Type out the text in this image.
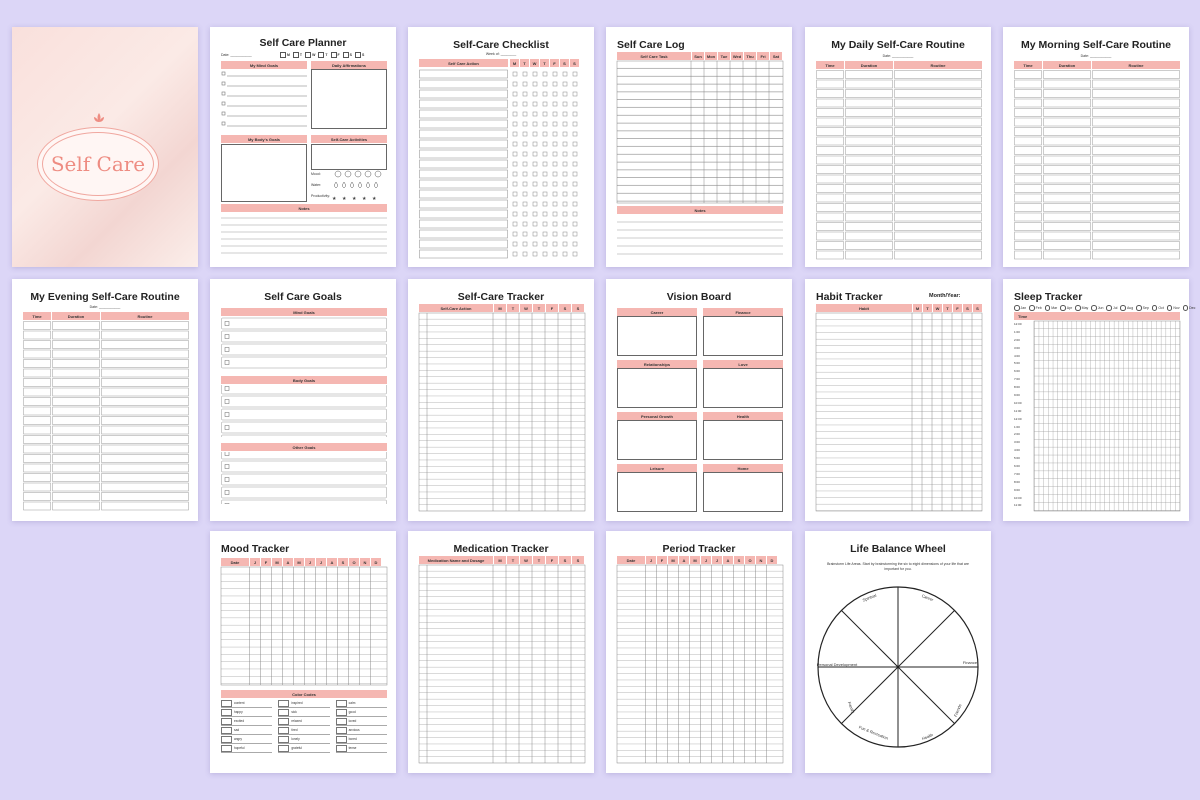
Self Care
Self Care Planner
Date: ___________	M	T	W	T	F	S	S
My Mind Goals	Daily Affirmations
My Body's Goals	Self-Care Activities
Mood:
Water:
Productivity: ★ ★ ★ ★ ★
Notes
Self-Care Checklist
Week of: ________
Self Care Action	M	T	W	T	F	S	S
Self Care Log
Self Care Task	Sun	Mon	Tue	Wed	Thu	Fri	Sat
Notes
My Daily Self-Care Routine
Date: ___________
Time	Duration	Routine
My Morning Self-Care Routine
Date: ___________
Time	Duration	Routine
My Evening Self-Care Routine
Date: ___________
Time	Duration	Routine
Self Care Goals
Mind Goals
Body Goals
Other Goals
Self-Care Tracker
Self-Care Action	M	T	W	T	F	S	S
Vision Board
Career	Finance
Relationships	Love
Personal Growth	Health
Leisure	Home
Habit Tracker	Month/Year:
Habit	M	T	W	T	F	S	S
Sleep Tracker
Jan	Feb	Mar	Apr	May	Jun	Jul	Aug	Sep	Oct	Nov	Dec
Time
12:00
1:00
2:00
3:00
4:00
5:00
6:00
7:00
8:00
9:00
10:00
11:00
12:00
1:00
2:00
3:00
4:00
5:00
6:00
7:00
8:00
9:00
10:00
11:00
Mood Tracker
Date	J	F	M	A	M	J	J	A	S	O	N	D
Color Codes
content	inspired	calm
happy	sick	good
excited	relaxed	loved
sad	tired	anxious
angry	lonely	bored
hopeful	grateful	tense
Medication Tracker
Medication Name and Dosage	M	T	W	T	F	S	S
Period Tracker
Date	J	F	M	A	M	J	J	A	S	O	N	D
Life Balance Wheel
Brainstorm Life Areas. Start by brainstorming the six to eight dimensions of your life that are important for you.
Spiritual	Career
Finance
Family
Health
Fun & Recreation
Friends
Personal Development
